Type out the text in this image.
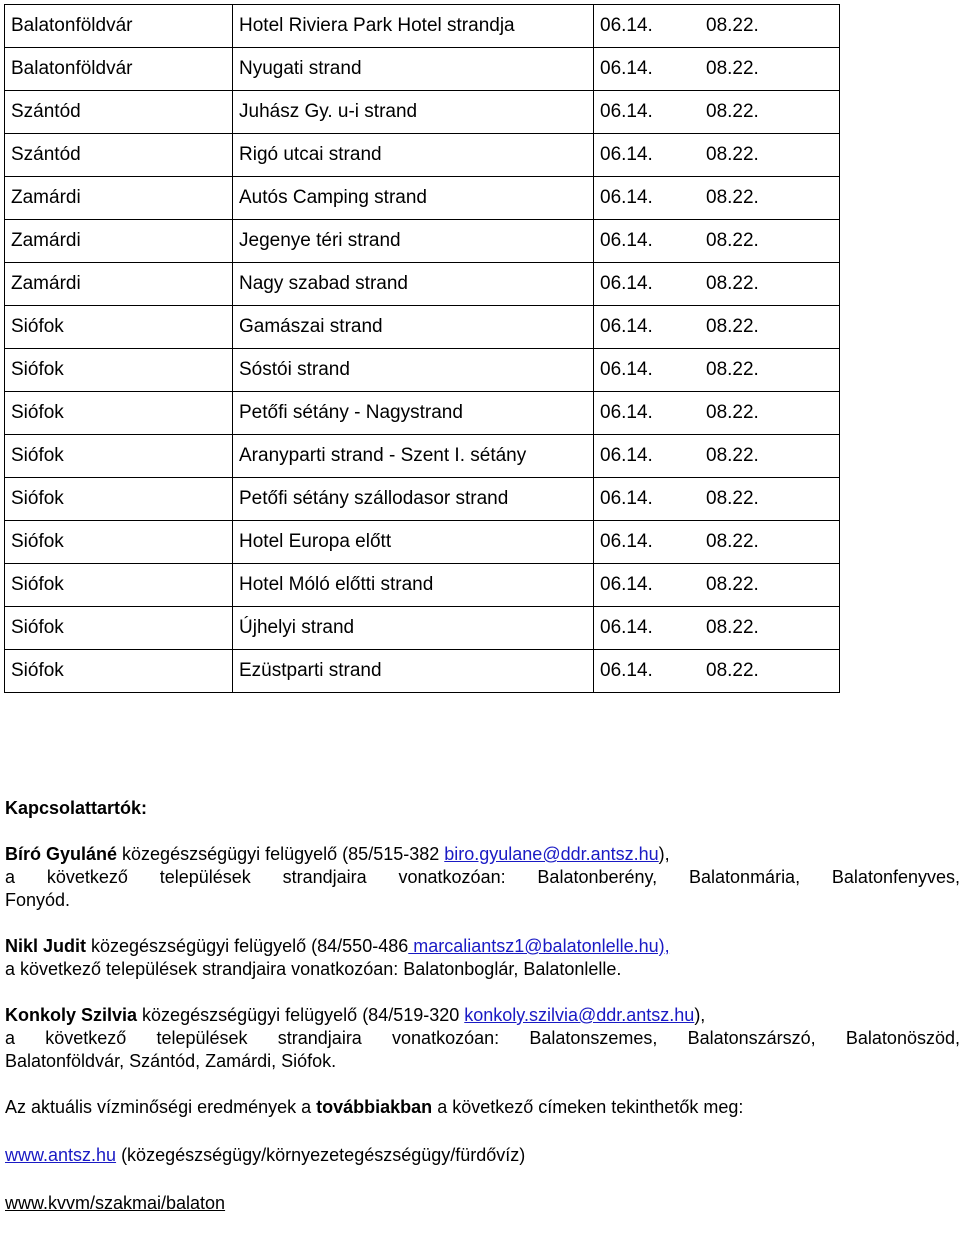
Balatonföldvár	Hotel Riviera Park Hotel strandja	06.14. 08.22.
Balatonföldvár	Nyugati strand	06.14. 08.22.
Szántód	Juhász Gy. u-i strand	06.14. 08.22.
Szántód	Rigó utcai strand	06.14. 08.22.
Zamárdi	Autós Camping strand	06.14. 08.22.
Zamárdi	Jegenye téri strand	06.14. 08.22.
Zamárdi	Nagy szabad strand	06.14. 08.22.
Siófok	Gamászai strand	06.14. 08.22.
Siófok	Sóstói strand	06.14. 08.22.
Siófok	Petőfi sétány - Nagystrand	06.14. 08.22.
Siófok	Aranyparti strand - Szent I. sétány	06.14. 08.22.
Siófok	Petőfi sétány szállodasor strand	06.14. 08.22.
Siófok	Hotel Europa előtt	06.14. 08.22.
Siófok	Hotel Móló előtti strand	06.14. 08.22.
Siófok	Újhelyi strand	06.14. 08.22.
Siófok	Ezüstparti strand	06.14. 08.22.

Kapcsolattartók:

Bíró Gyuláné közegészségügyi felügyelő (85/515-382 biro.gyulane@ddr.antsz.hu),

a következő települések strandjaira vonatkozóan: Balatonberény, Balatonmária, Balatonfenyves,

Fonyód.

Nikl Judit közegészségügyi felügyelő (84/550-486 marcaliantsz1@balatonlelle.hu),

a következő települések strandjaira vonatkozóan: Balatonboglár, Balatonlelle.

Konkoly Szilvia közegészségügyi felügyelő (84/519-320 konkoly.szilvia@ddr.antsz.hu),

a következő települések strandjaira vonatkozóan: Balatonszemes, Balatonszárszó, Balatonöszöd,

Balatonföldvár, Szántód, Zamárdi, Siófok.

Az aktuális vízminőségi eredmények a továbbiakban a következő címeken tekinthetők meg:

www.antsz.hu (közegészségügy/környezetegészségügy/fürdővíz)

www.kvvm/szakmai/balaton
